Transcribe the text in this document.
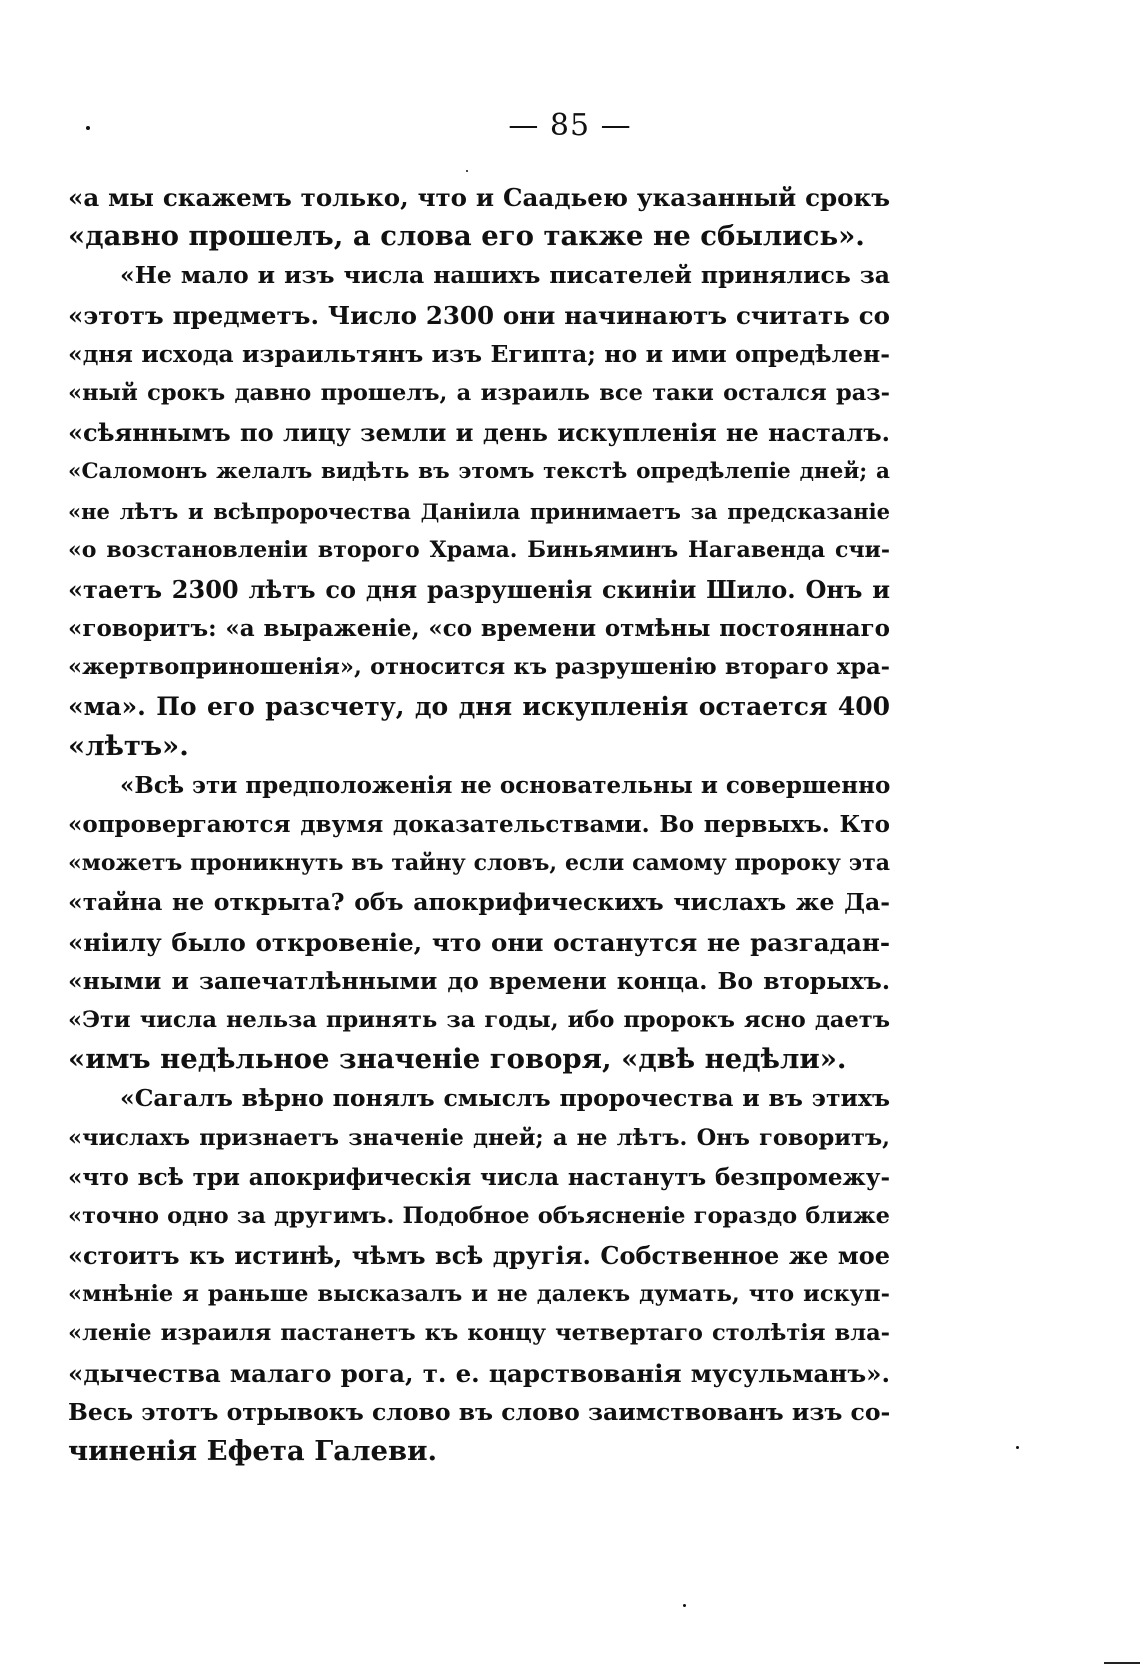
— 85 —
«а мы скажемъ только, что и Саадьею указанный срокъ
«давно прошелъ, а слова его также не сбылись».
«Не мало и изъ числа нашихъ писателей принялись за
«этотъ предметъ. Число 2300 они начинаютъ считать со
«дня исхода израильтянъ изъ Египта; но и ими опредѣлен-
«ный срокъ давно прошелъ, а израиль все таки остался раз-
«сѣяннымъ по лицу земли и день искупленія не насталъ.
«Саломонъ желалъ видѣть въ этомъ текстѣ опредѣлепіе дней; а
«не лѣтъ и всѣпророчества Даніила принимаетъ за предсказаніе
«о возстановленіи второго Храма. Биньяминъ Нагавенда счи-
«таетъ 2300 лѣтъ со дня разрушенія скиніи Шило. Онъ и
«говоритъ: «а выраженіе, «со времени отмѣны постояннаго
«жертвоприношенія», относится къ разрушенію втораго хра-
«ма». По его разсчету, до дня искупленія остается 400
«лѣтъ».
«Всѣ эти предположенія не основательны и совершенно
«опровергаются двумя доказательствами. Во первыхъ. Кто
«можетъ проникнуть въ тайну словъ, если самому пророку эта
«тайна не открыта? объ апокрифическихъ числахъ же Да-
«ніилу было откровеніе, что они останутся не разгадан-
«ными и запечатлѣнными до времени конца. Во вторыхъ.
«Эти числа нельза принять за годы, ибо пророкъ ясно даетъ
«имъ недѣльное значеніе говоря, «двѣ недѣли».
«Сагалъ вѣрно понялъ смыслъ пророчества и въ этихъ
«числахъ признаетъ значеніе дней; а не лѣтъ. Онъ говоритъ,
«что всѣ три апокрифическія числа настанутъ безпромежу-
«точно одно за другимъ. Подобное объясненіе гораздо ближе
«стоитъ къ истинѣ, чѣмъ всѣ другія. Собственное же мое
«мнѣніе я раньше высказалъ и не далекъ думать, что искуп-
«леніе израиля пастанетъ къ концу четвертаго столѣтія вла-
«дычества малаго рога, т. е. царствованія мусульманъ».
Весь этотъ отрывокъ слово въ слово заимствованъ изъ со-
чиненія Ефета Галеви.
